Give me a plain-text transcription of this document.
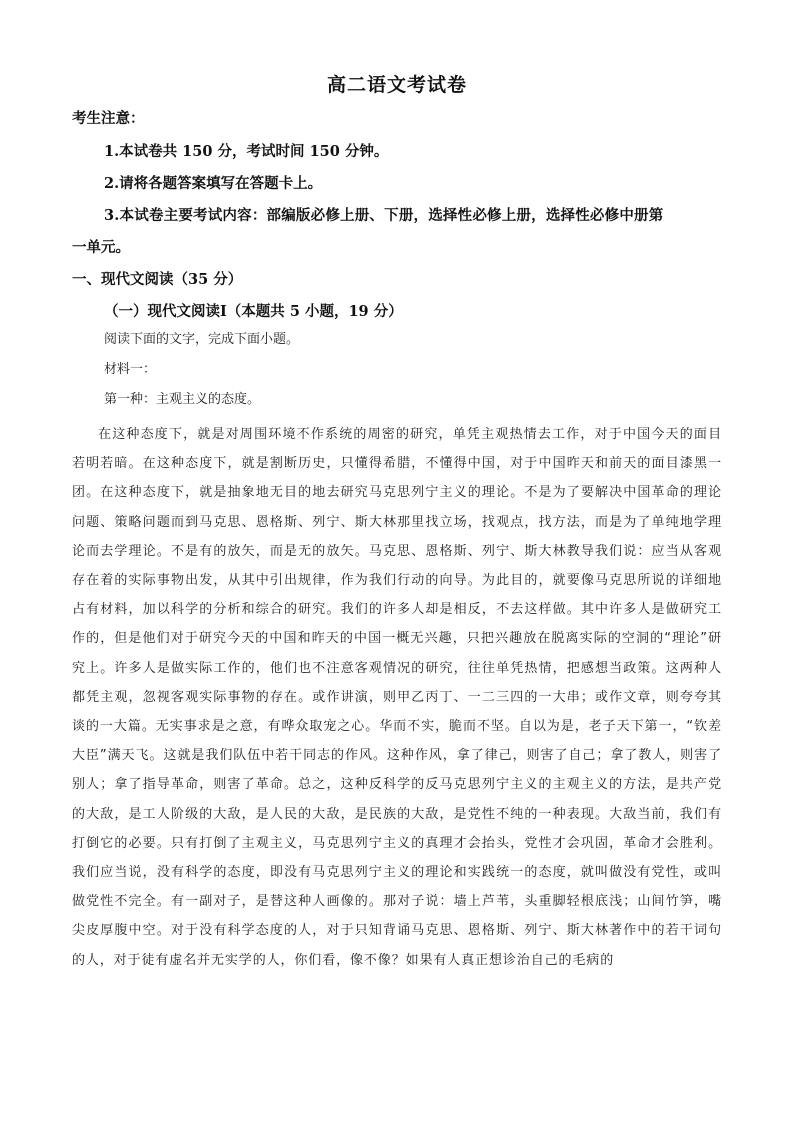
高二语文考试卷
考生注意：
1.本试卷共 150 分，考试时间 150 分钟。
2.请将各题答案填写在答题卡上。
3.本试卷主要考试内容：部编版必修上册、下册，选择性必修上册，选择性必修中册第
一单元。
一、现代文阅读（35 分）
（一）现代文阅读Ⅰ（本题共 5 小题，19 分）
阅读下面的文字，完成下面小题。
材料一：
第一种：主观主义的态度。

在这种态度下，就是对周围环境不作系统的周密的研究，单凭主观热情去工作，对于中国今天的面目若明若暗。在这种态度下，就是割断历史，只懂得希腊，不懂得中国，对于中国昨天和前天的面目漆黑一团。在这种态度下，就是抽象地无目的地去研究马克思列宁主义的理论。不是为了要解决中国革命的理论问题、策略问题而到马克思、恩格斯、列宁、斯大林那里找立场，找观点，找方法，而是为了单纯地学理论而去学理论。不是有的放矢，而是无的放矢。马克思、恩格斯、列宁、斯大林教导我们说：应当从客观存在着的实际事物出发，从其中引出规律，作为我们行动的向导。为此目的，就要像马克思所说的详细地占有材料，加以科学的分析和综合的研究。我们的许多人却是相反，不去这样做。其中许多人是做研究工作的，但是他们对于研究今天的中国和昨天的中国一概无兴趣，只把兴趣放在脱离实际的空洞的“理论”研究上。许多人是做实际工作的，他们也不注意客观情况的研究，往往单凭热情，把感想当政策。这两种人都凭主观，忽视客观实际事物的存在。或作讲演，则甲乙丙丁、一二三四的一大串；或作文章，则夸夸其谈的一大篇。无实事求是之意，有哗众取宠之心。华而不实，脆而不坚。自以为是，老子天下第一，“钦差大臣”满天飞。这就是我们队伍中若干同志的作风。这种作风，拿了律己，则害了自己；拿了教人，则害了别人；拿了指导革命，则害了革命。总之，这种反科学的反马克思列宁主义的主观主义的方法，是共产党的大敌，是工人阶级的大敌，是人民的大敌，是民族的大敌，是党性不纯的一种表现。大敌当前，我们有打倒它的必要。只有打倒了主观主义，马克思列宁主义的真理才会抬头，党性才会巩固，革命才会胜利。我们应当说，没有科学的态度，即没有马克思列宁主义的理论和实践统一的态度，就叫做没有党性，或叫做党性不完全。有一副对子，是替这种人画像的。那对子说：墙上芦苇，头重脚轻根底浅；山间竹笋，嘴尖皮厚腹中空。对于没有科学态度的人，对于只知背诵马克思、恩格斯、列宁、斯大林著作中的若干词句的人，对于徒有虚名并无实学的人，你们看，像不像？如果有人真正想诊治自己的毛病的
